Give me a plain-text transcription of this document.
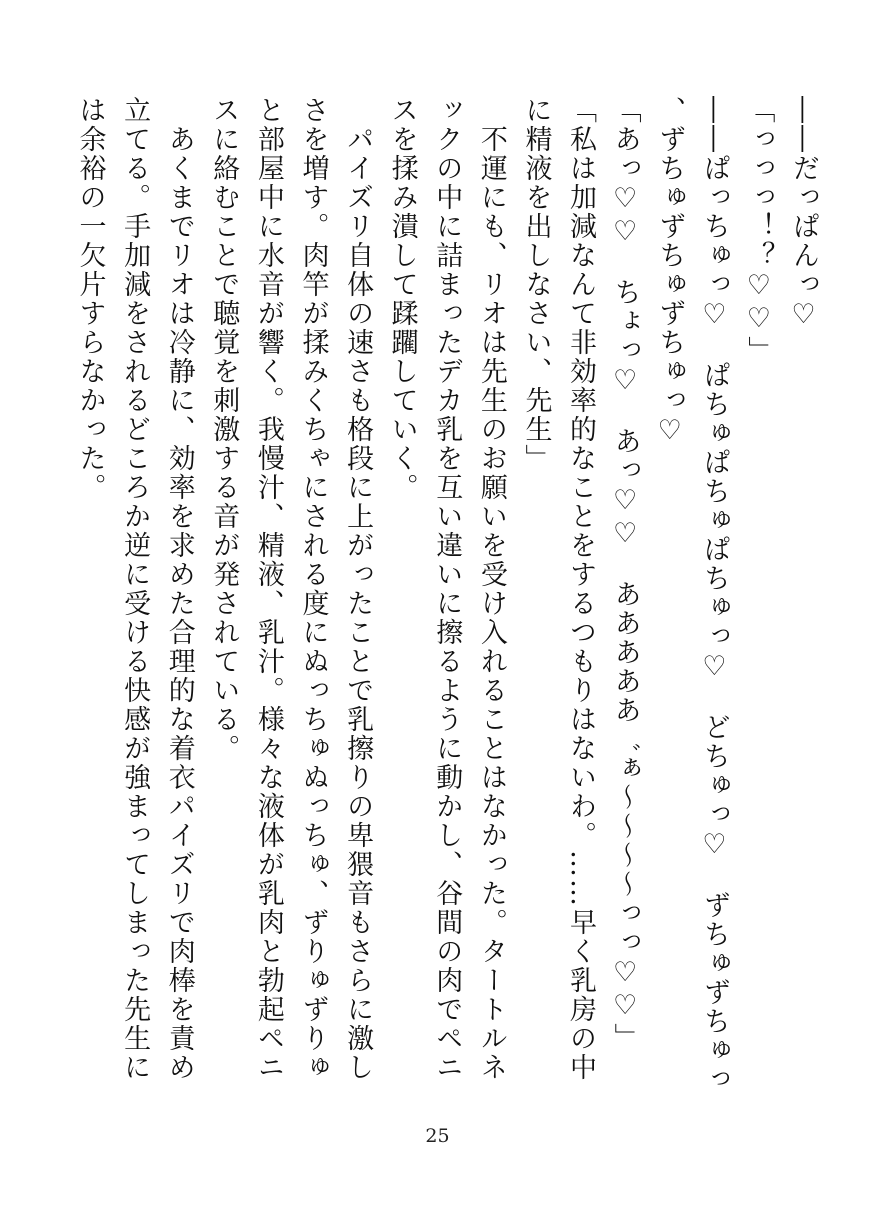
――だっぱんっ♡

「っっっ！？♡♡」

――ぱっちゅっ♡　ぱちゅぱちゅぱちゅっ♡　どちゅっ♡　ずちゅずちゅっ、ずちゅずちゅずちゅっ♡

「あっ♡♡　ちょっ♡　あっ♡♡　あああああ゛ぁ〜〜〜〜っっ♡♡」

「私は加減なんて非効率的なことをするつもりはないわ。……早く乳房の中に精液を出しなさい、先生」

　不運にも、リオは先生のお願いを受け入れることはなかった。タートルネックの中に詰まったデカ乳を互い違いに擦るように動かし、谷間の肉でペニスを揉み潰して蹂躙していく。

　パイズリ自体の速さも格段に上がったことで乳擦りの卑猥音もさらに激しさを増す。肉竿が揉みくちゃにされる度にぬっちゅぬっちゅ、ずりゅずりゅと部屋中に水音が響く。我慢汁、精液、乳汁。様々な液体が乳肉と勃起ペニスに絡むことで聴覚を刺激する音が発されている。

　あくまでリオは冷静に、効率を求めた合理的な着衣パイズリで肉棒を責め立てる。手加減をされるどころか逆に受ける快感が強まってしまった先生には余裕の一欠片すらなかった。

25
